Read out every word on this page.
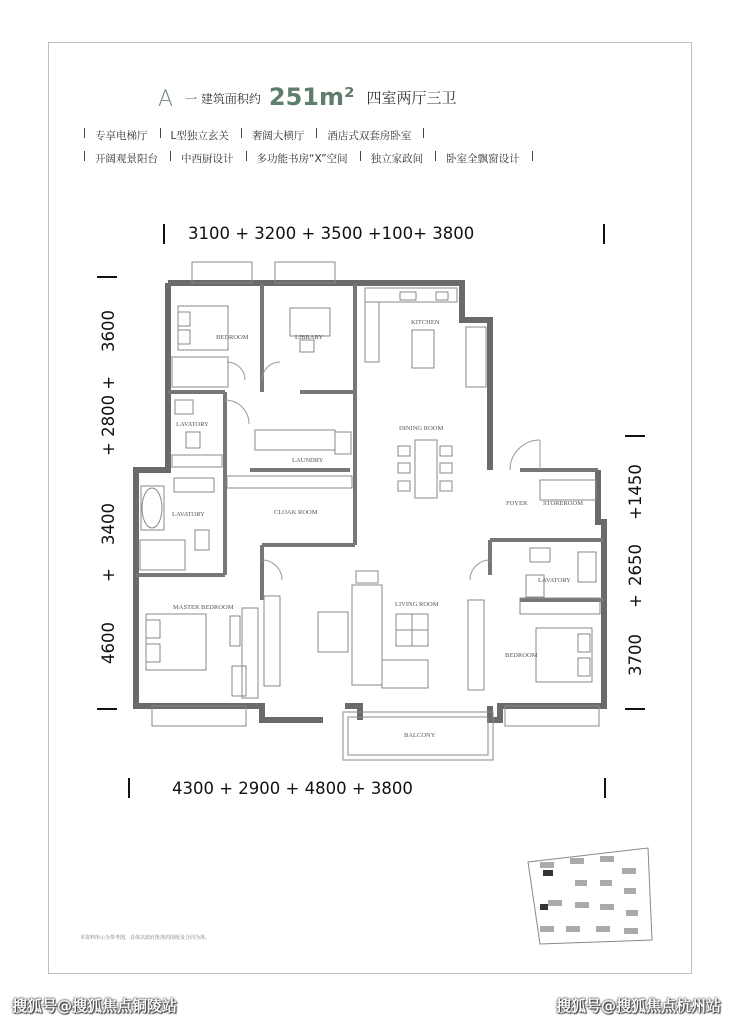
A 一 建筑面积约 251m² 四室两厅三卫
专享电梯厅 L型独立玄关 奢阔大横厅 酒店式双套房卧室
开阔观景阳台 中西厨设计 多功能书房“X”空间 独立家政间 卧室全飘窗设计
3100 + 3200 + 3500 +100+ 3800
4300 + 2900 + 4800 + 3800
3600
+ 2800 +
3400
+
4600	3700
+
2650
+1450
BEDROOM	LIBRARY
KITCHEN
LAVATORY
LAUNDRY
DINING ROOM
LAVATORY	CLOAK ROOM
FOYER STOREROOM
LAVATORY
MASTER BEDROOM	LIVING ROOM
BEDROOM
BALCONY
本资料所示为参考图，具体以政府批准的图纸及合同为准。
搜狐号@搜狐焦点铜陵站	搜狐号@搜狐焦点杭州站
